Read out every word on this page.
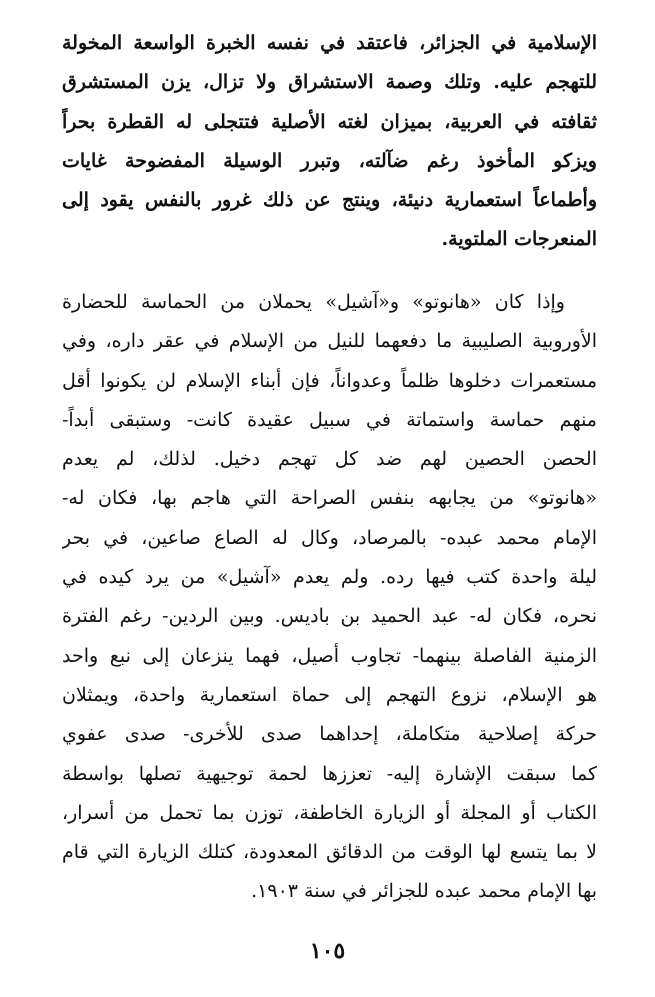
الإسلامية في الجزائر، فاعتقد في نفسه الخبرة الواسعة المخولة
للتهجم عليه. وتلك وصمة الاستشراق ولا تزال، يزن المستشرق
ثقافته في العربية، بميزان لغته الأصلية فتتجلى له القطرة بحراً
ويزكو المأخوذ رغم ضآلته، وتبرر الوسيلة المفضوحة غايات
وأطماعاً استعمارية دنيئة، وينتج عن ذلك غرور بالنفس يقود إلى
المنعرجات الملتوية.
وإذا كان «هانوتو» و«آشيل» يحملان من الحماسة للحضارة
الأوروبية الصليبية ما دفعهما للنيل من الإسلام في عقر داره، وفي
مستعمرات دخلوها ظلماً وعدواناً، فإن أبناء الإسلام لن يكونوا أقل
منهم حماسة واستماتة في سبيل عقيدة كانت- وستبقى أبداً-
الحصن الحصين لهم ضد كل تهجم دخيل. لذلك، لم يعدم
«هانوتو» من يجابهه بنفس الصراحة التي هاجم بها، فكان له-
الإمام محمد عبده- بالمرصاد، وكال له الصاع صاعين، في بحر
ليلة واحدة كتب فيها رده. ولم يعدم «آشيل» من يرد كيده في
نحره، فكان له- عبد الحميد بن باديس. وبين الردين- رغم الفترة
الزمنية الفاصلة بينهما- تجاوب أصيل، فهما ينزعان إلى نبع واحد
هو الإسلام، نزوع التهجم إلى حماة استعمارية واحدة، ويمثلان
حركة إصلاحية متكاملة، إحداهما صدى للأخرى- صدى عفوي
كما سبقت الإشارة إليه- تعززها لحمة توجيهية تصلها بواسطة
الكتاب أو المجلة أو الزيارة الخاطفة، توزن بما تحمل من أسرار،
لا بما يتسع لها الوقت من الدقائق المعدودة، كتلك الزيارة التي قام
بها الإمام محمد عبده للجزائر في سنة ١٩٠٣.
١٠٥
